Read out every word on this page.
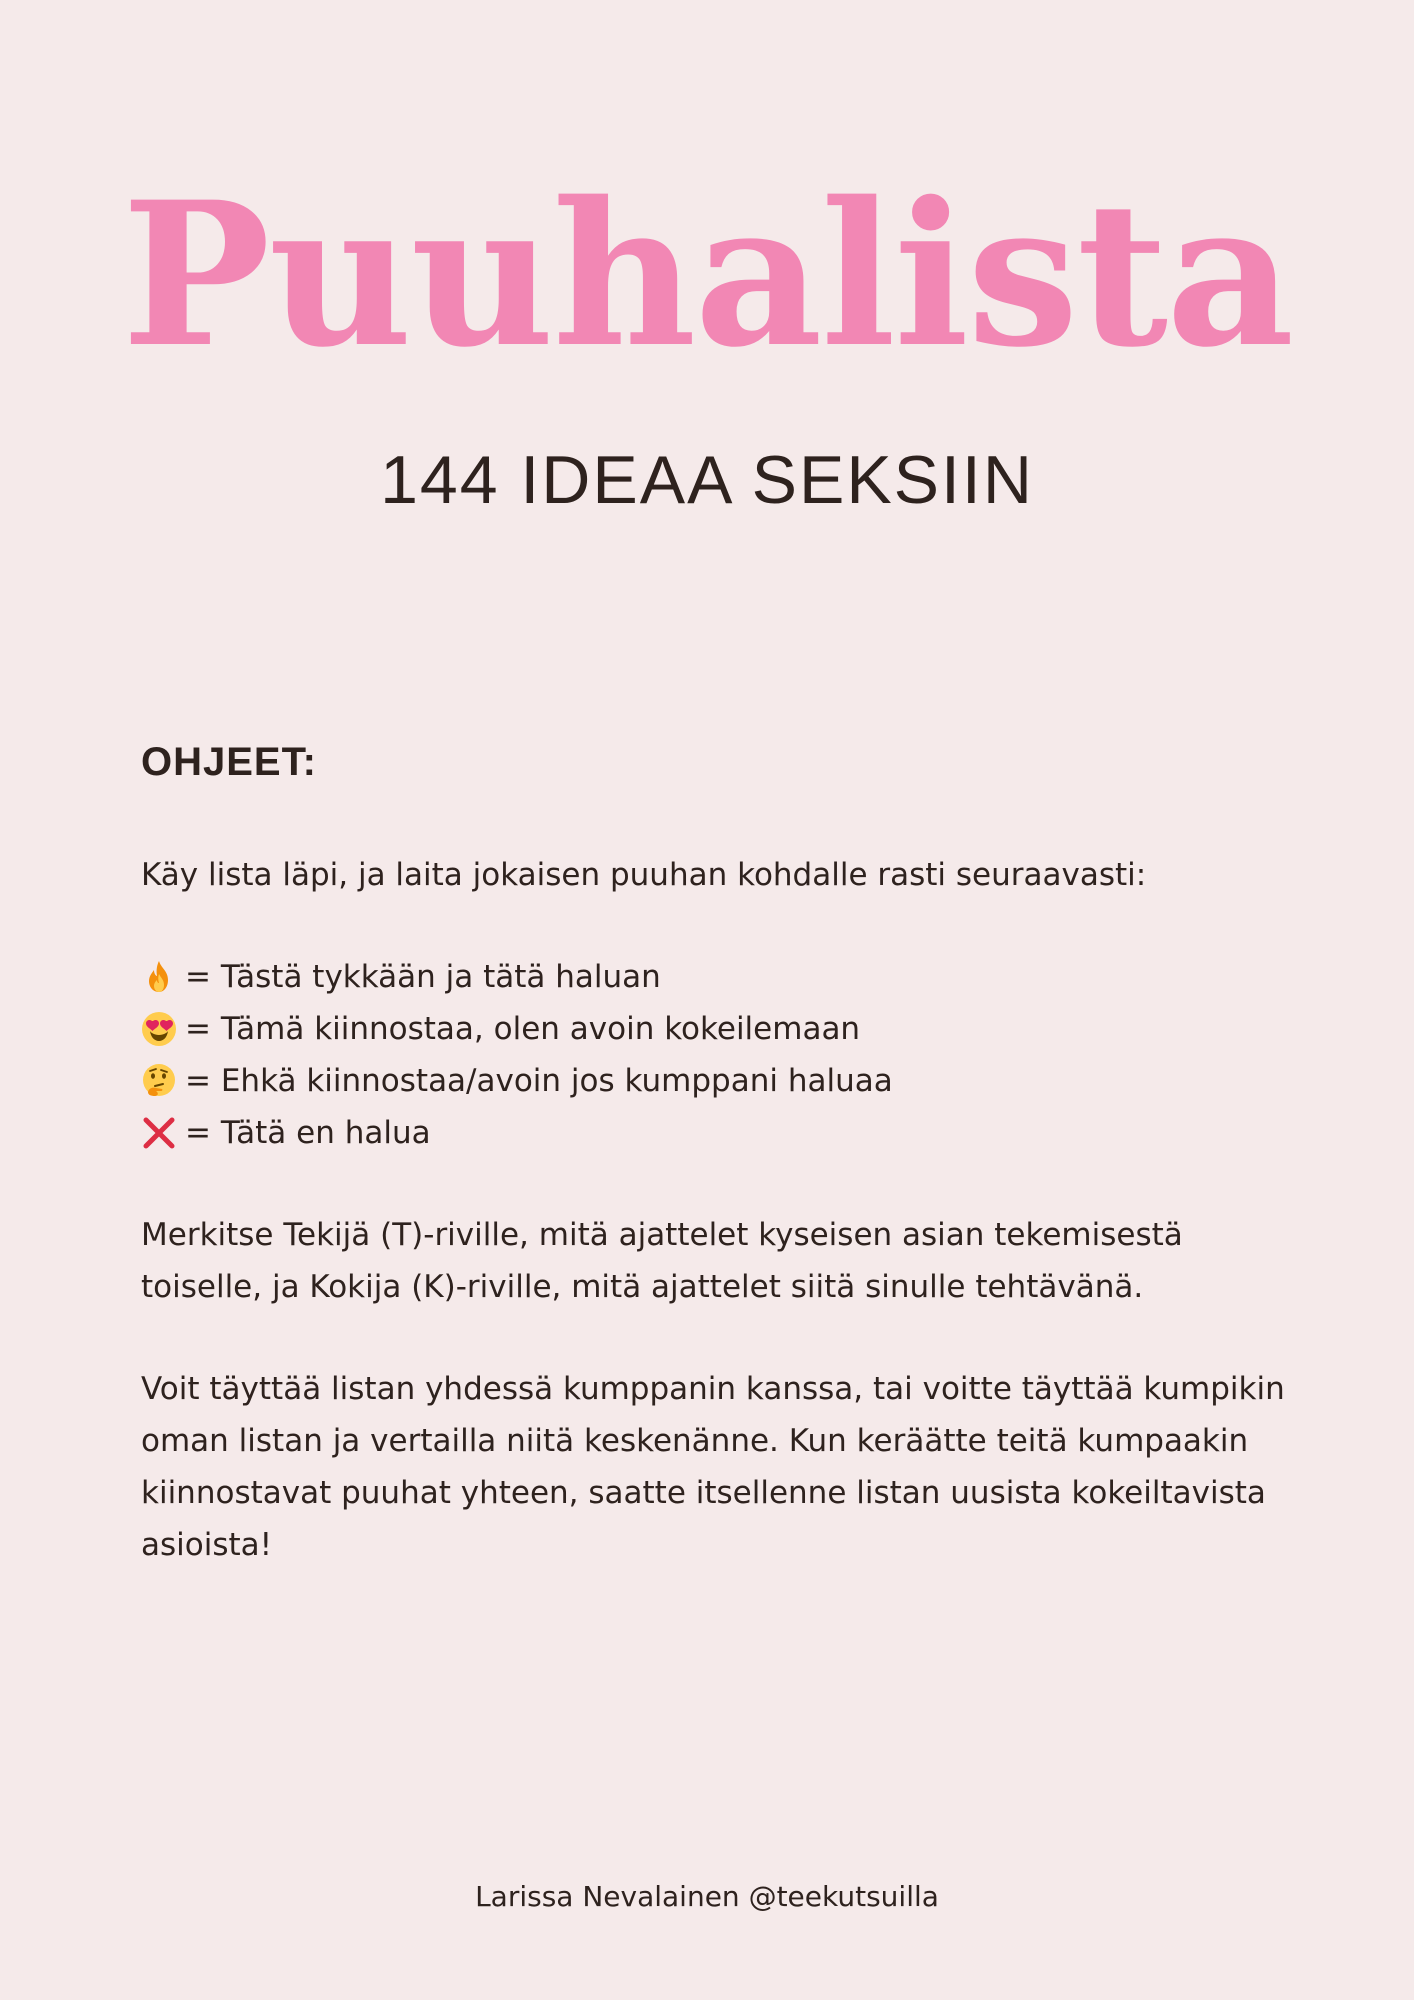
Puuhalista
144 IDEAA SEKSIIN
OHJEET:

Käy lista läpi, ja laita jokaisen puuhan kohdalle rasti seuraavasti:

= Tästä tykkään ja tätä haluan
= Tämä kiinnostaa, olen avoin kokeilemaan
= Ehkä kiinnostaa/avoin jos kumppani haluaa
= Tätä en halua

Merkitse Tekijä (T)-riville, mitä ajattelet kyseisen asian tekemisestä toiselle, ja Kokija (K)-riville, mitä ajattelet siitä sinulle tehtävänä.

Voit täyttää listan yhdessä kumppanin kanssa, tai voitte täyttää kumpikin oman listan ja vertailla niitä keskenänne. Kun keräätte teitä kumpaakin kiinnostavat puuhat yhteen, saatte itsellenne listan uusista kokeiltavista asioista!

Larissa Nevalainen @teekutsuilla
